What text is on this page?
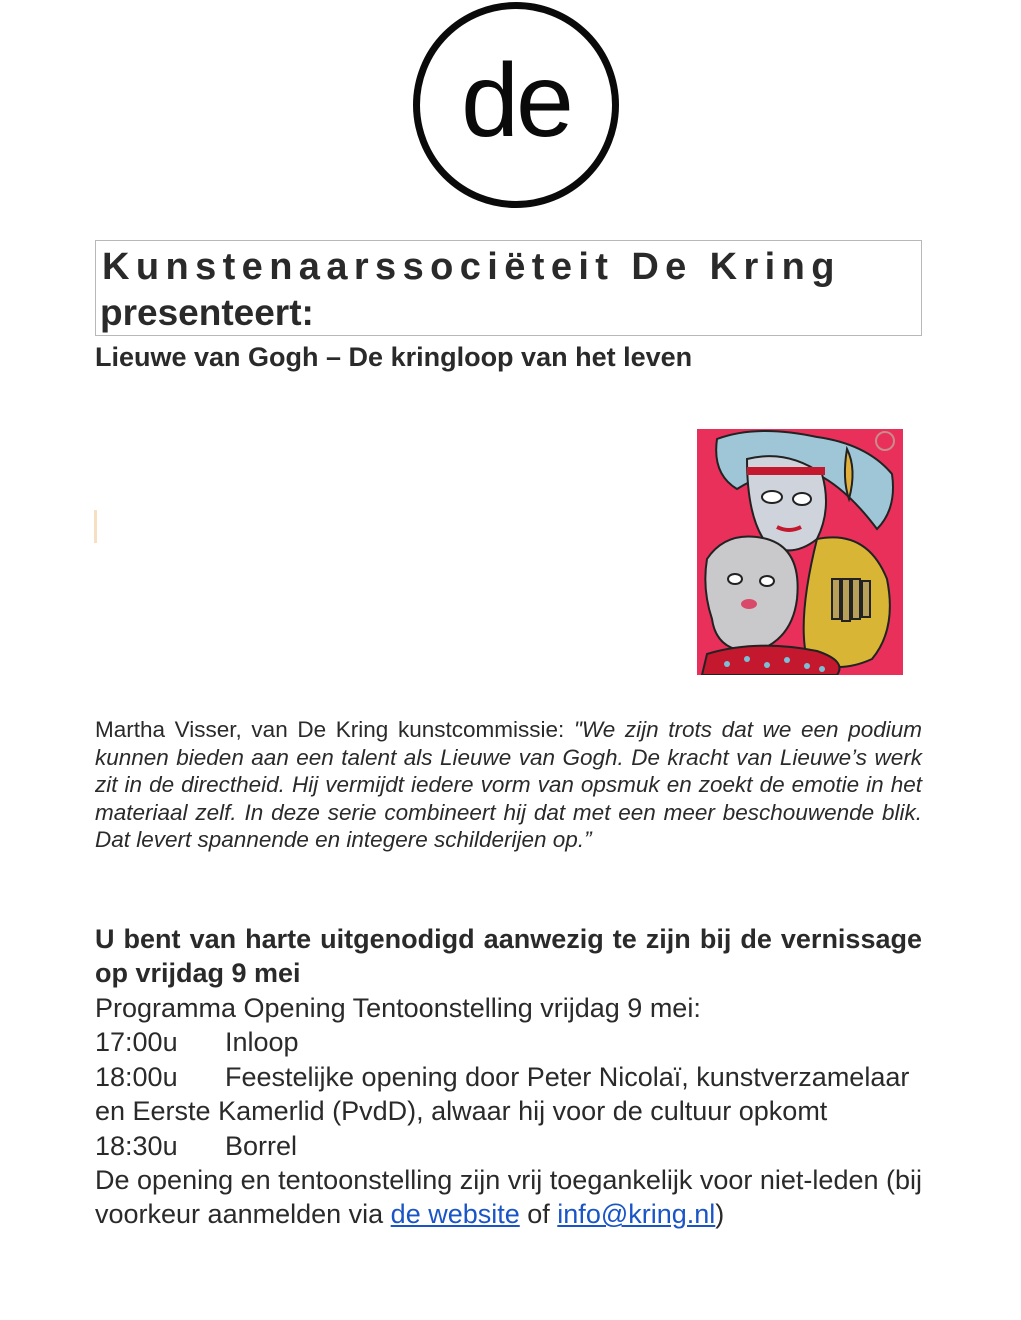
de
Kunstenaarssociëteit De Kring
presenteert:
Lieuwe van Gogh – De kringloop van het leven
Martha Visser, van De Kring kunstcommissie: "We zijn trots dat we een podium kunnen bieden aan een talent als Lieuwe van Gogh. De kracht van Lieuwe’s werk zit in de directheid. Hij vermijdt iedere vorm van opsmuk en zoekt de emotie in het materiaal zelf. In deze serie combineert hij dat met een meer beschouwende blik. Dat levert spannende en integere schilderijen op.”
U bent van harte uitgenodigd aanwezig te zijn bij de vernissage op vrijdag 9 mei

Programma Opening Tentoonstelling vrijdag 9 mei:

17:00u Inloop

18:00u Feestelijke opening door Peter Nicolaï, kunstverzamelaar en Eerste Kamerlid (PvdD), alwaar hij voor de cultuur opkomt

18:30u Borrel

De opening en tentoonstelling zijn vrij toegankelijk voor niet-leden (bij voorkeur aanmelden via de website of info@kring.nl)
